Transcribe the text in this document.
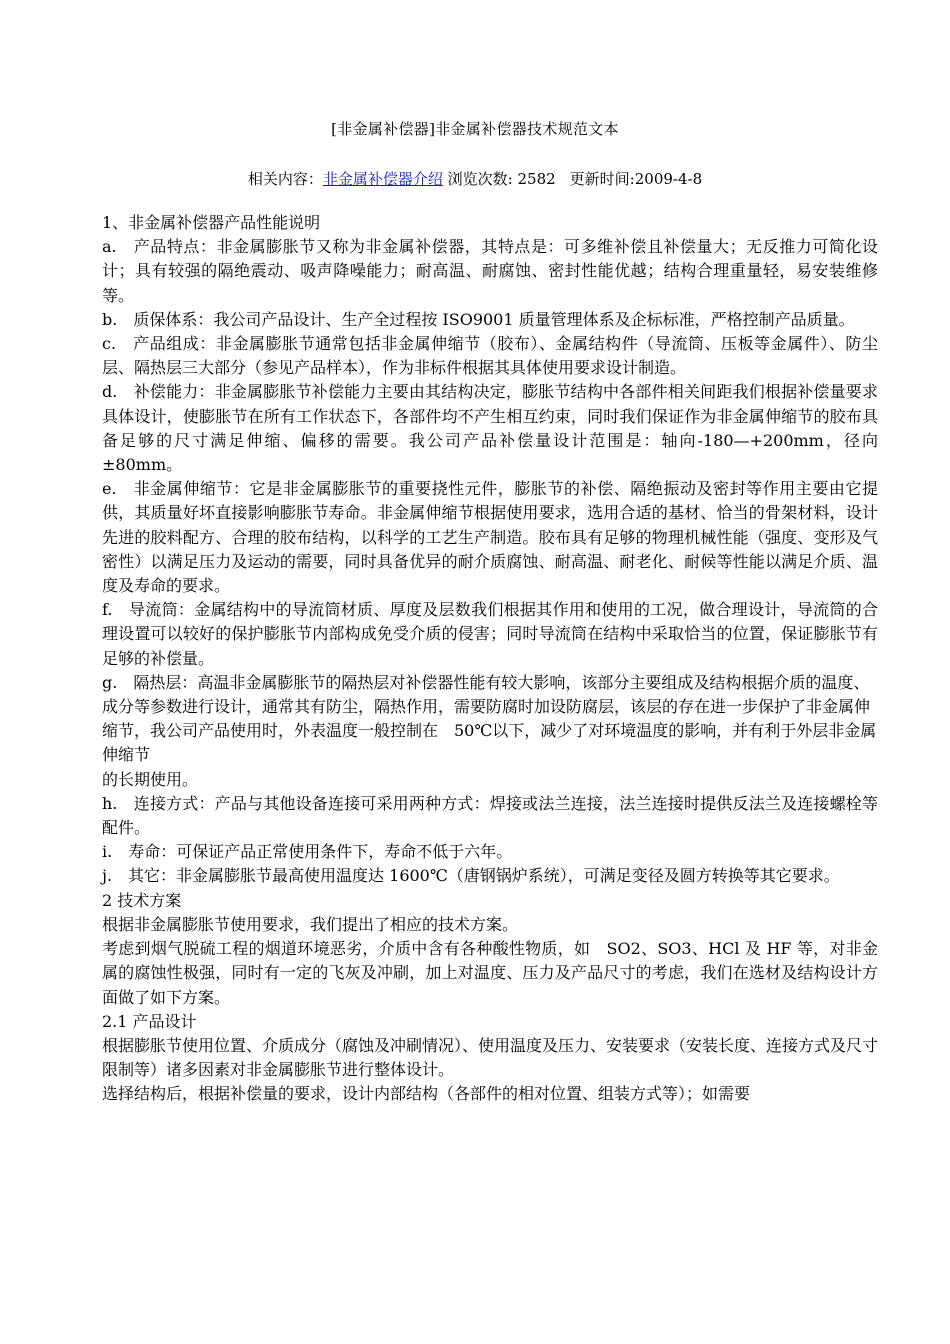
[非金属补偿器]非金属补偿器技术规范文本
相关内容：非金属补偿器介绍 浏览次数: 2582 更新时间:2009-4-8

1、非金属补偿器产品性能说明

a.　产品特点：非金属膨胀节又称为非金属补偿器，其特点是：可多维补偿且补偿量大；无反推力可简化设计；具有较强的隔绝震动、吸声降噪能力；耐高温、耐腐蚀、密封性能优越；结构合理重量轻，易安装维修等。

b.　质保体系：我公司产品设计、生产全过程按 ISO9001 质量管理体系及企标标准，严格控制产品质量。

c.　产品组成：非金属膨胀节通常包括非金属伸缩节（胶布）、金属结构件（导流筒、压板等金属件）、防尘层、隔热层三大部分（参见产品样本），作为非标件根据其具体使用要求设计制造。

d.　补偿能力：非金属膨胀节补偿能力主要由其结构决定，膨胀节结构中各部件相关间距我们根据补偿量要求具体设计，使膨胀节在所有工作状态下，各部件均不产生相互约束，同时我们保证作为非金属伸缩节的胶布具备足够的尺寸满足伸缩、偏移的需要。我公司产品补偿量设计范围是：轴向-180—+200mm，径向±80mm。

e.　非金属伸缩节：它是非金属膨胀节的重要挠性元件，膨胀节的补偿、隔绝振动及密封等作用主要由它提供，其质量好坏直接影响膨胀节寿命。非金属伸缩节根据使用要求，选用合适的基材、恰当的骨架材料，设计先进的胶料配方、合理的胶布结构，以科学的工艺生产制造。胶布具有足够的物理机械性能（强度、变形及气密性）以满足压力及运动的需要，同时具备优异的耐介质腐蚀、耐高温、耐老化、耐候等性能以满足介质、温度及寿命的要求。

f.　导流筒：金属结构中的导流筒材质、厚度及层数我们根据其作用和使用的工况，做合理设计，导流筒的合理设置可以较好的保护膨胀节内部构成免受介质的侵害；同时导流筒在结构中采取恰当的位置，保证膨胀节有足够的补偿量。

g.　隔热层：高温非金属膨胀节的隔热层对补偿器性能有较大影响，该部分主要组成及结构根据介质的温度、成分等参数进行设计，通常其有防尘，隔热作用，需要防腐时加设防腐层，该层的存在进一步保护了非金属伸缩节，我公司产品使用时，外表温度一般控制在　50℃以下，减少了对环境温度的影响，并有利于外层非金属伸缩节

的长期使用。

h.　连接方式：产品与其他设备连接可采用两种方式：焊接或法兰连接，法兰连接时提供反法兰及连接螺栓等配件。

i.　寿命：可保证产品正常使用条件下，寿命不低于六年。

j.　其它：非金属膨胀节最高使用温度达 1600℃（唐钢锅炉系统），可满足变径及圆方转换等其它要求。

2 技术方案

根据非金属膨胀节使用要求，我们提出了相应的技术方案。

考虑到烟气脱硫工程的烟道环境恶劣，介质中含有各种酸性物质，如　SO2、SO3、HCl 及 HF 等，对非金属的腐蚀性极强，同时有一定的飞灰及冲刷，加上对温度、压力及产品尺寸的考虑，我们在选材及结构设计方面做了如下方案。

2.1 产品设计

根据膨胀节使用位置、介质成分（腐蚀及冲刷情况）、使用温度及压力、安装要求（安装长度、连接方式及尺寸限制等）诸多因素对非金属膨胀节进行整体设计。

选择结构后，根据补偿量的要求，设计内部结构（各部件的相对位置、组装方式等）；如需要
